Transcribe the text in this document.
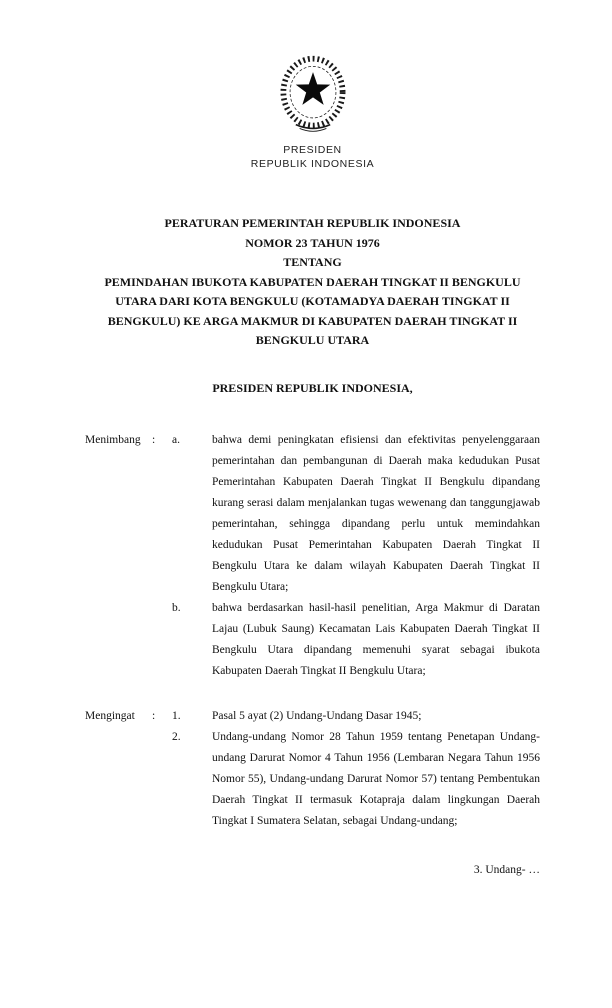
PRESIDEN
REPUBLIK INDONESIA
PERATURAN PEMERINTAH REPUBLIK INDONESIA
NOMOR 23 TAHUN 1976
TENTANG
PEMINDAHAN IBUKOTA KABUPATEN DAERAH TINGKAT II BENGKULU UTARA DARI KOTA BENGKULU (KOTAMADYA DAERAH TINGKAT II BENGKULU) KE ARGA MAKMUR DI KABUPATEN DAERAH TINGKAT II BENGKULU UTARA
PRESIDEN REPUBLIK INDONESIA,
Menimbang :	a.	bahwa demi peningkatan efisiensi dan efektivitas penyelenggaraan pemerintahan dan pembangunan di Daerah maka kedudukan Pusat Pemerintahan Kabupaten Daerah Tingkat II Bengkulu dipandang kurang serasi dalam menjalankan tugas wewenang dan tanggungjawab pemerintahan, sehingga dipandang perlu untuk memindahkan kedudukan Pusat Pemerintahan Kabupaten Daerah Tingkat II Bengkulu Utara ke dalam wilayah Kabupaten Daerah Tingkat II Bengkulu Utara;
b.	bahwa berdasarkan hasil-hasil penelitian, Arga Makmur di Daratan Lajau (Lubuk Saung) Kecamatan Lais Kabupaten Daerah Tingkat II Bengkulu Utara dipandang memenuhi syarat sebagai ibukota Kabupaten Daerah Tingkat II Bengkulu Utara;
Mengingat	:	1.	Pasal 5 ayat (2) Undang-Undang Dasar 1945;
2.	Undang-undang Nomor 28 Tahun 1959 tentang Penetapan Undang- undang Darurat Nomor 4 Tahun 1956 (Lembaran Negara Tahun 1956 Nomor 55), Undang-undang Darurat Nomor 57) tentang Pembentukan Daerah Tingkat II termasuk Kotapraja dalam lingkungan Daerah Tingkat I Sumatera Selatan, sebagai Undang-undang;
3. Undang- …
